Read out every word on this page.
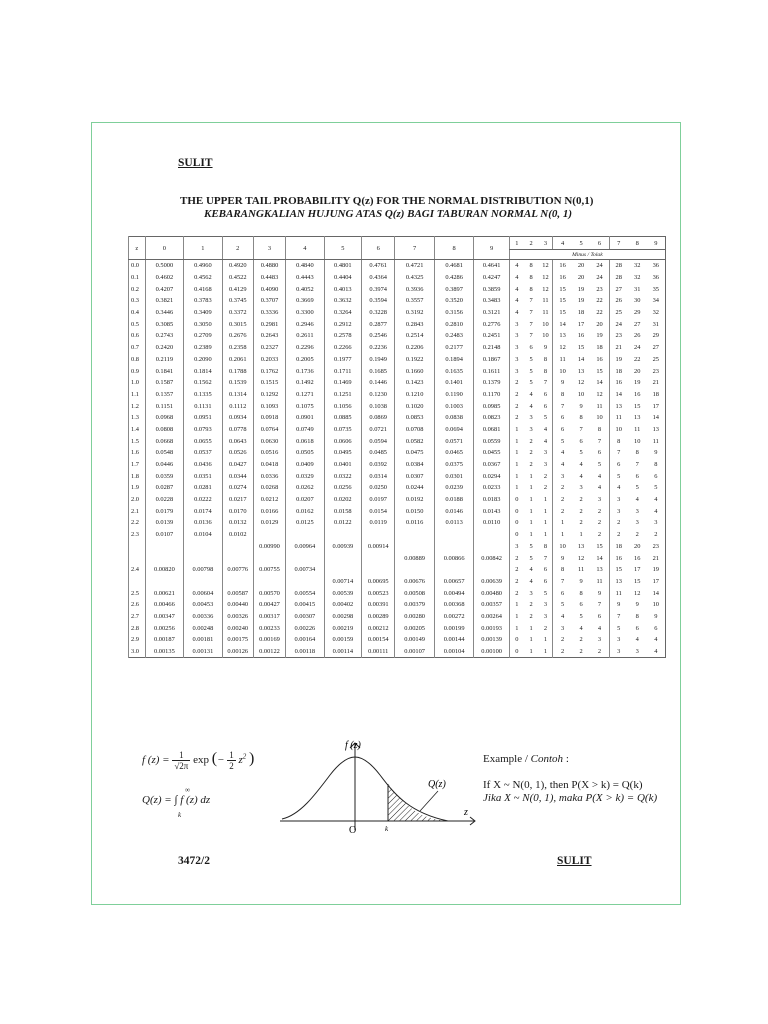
SULIT
THE UPPER TAIL PROBABILITY Q(z) FOR THE NORMAL DISTRIBUTION N(0,1)
KEBARANGKALIAN HUJUNG ATAS Q(z) BAGI TABURAN NORMAL N(0, 1)
z	0	1	2	3	4	5	6	7	8	9	1	2	3	4	5	6	7	8	9
											Minus / Tolak								
0.0	0.5000	0.4960	0.4920	0.4880	0.4840	0.4801	0.4761	0.4721	0.4681	0.4641	4	8	12	16	20	24	28	32	36
0.1	0.4602	0.4562	0.4522	0.4483	0.4443	0.4404	0.4364	0.4325	0.4286	0.4247	4	8	12	16	20	24	28	32	36
0.2	0.4207	0.4168	0.4129	0.4090	0.4052	0.4013	0.3974	0.3936	0.3897	0.3859	4	8	12	15	19	23	27	31	35
0.3	0.3821	0.3783	0.3745	0.3707	0.3669	0.3632	0.3594	0.3557	0.3520	0.3483	4	7	11	15	19	22	26	30	34
0.4	0.3446	0.3409	0.3372	0.3336	0.3300	0.3264	0.3228	0.3192	0.3156	0.3121	4	7	11	15	18	22	25	29	32
0.5	0.3085	0.3050	0.3015	0.2981	0.2946	0.2912	0.2877	0.2843	0.2810	0.2776	3	7	10	14	17	20	24	27	31
0.6	0.2743	0.2709	0.2676	0.2643	0.2611	0.2578	0.2546	0.2514	0.2483	0.2451	3	7	10	13	16	19	23	26	29
0.7	0.2420	0.2389	0.2358	0.2327	0.2296	0.2266	0.2236	0.2206	0.2177	0.2148	3	6	9	12	15	18	21	24	27
0.8	0.2119	0.2090	0.2061	0.2033	0.2005	0.1977	0.1949	0.1922	0.1894	0.1867	3	5	8	11	14	16	19	22	25
0.9	0.1841	0.1814	0.1788	0.1762	0.1736	0.1711	0.1685	0.1660	0.1635	0.1611	3	5	8	10	13	15	18	20	23
1.0	0.1587	0.1562	0.1539	0.1515	0.1492	0.1469	0.1446	0.1423	0.1401	0.1379	2	5	7	9	12	14	16	19	21
1.1	0.1357	0.1335	0.1314	0.1292	0.1271	0.1251	0.1230	0.1210	0.1190	0.1170	2	4	6	8	10	12	14	16	18
1.2	0.1151	0.1131	0.1112	0.1093	0.1075	0.1056	0.1038	0.1020	0.1003	0.0985	2	4	6	7	9	11	13	15	17
1.3	0.0968	0.0951	0.0934	0.0918	0.0901	0.0885	0.0869	0.0853	0.0838	0.0823	2	3	5	6	8	10	11	13	14
1.4	0.0808	0.0793	0.0778	0.0764	0.0749	0.0735	0.0721	0.0708	0.0694	0.0681	1	3	4	6	7	8	10	11	13
1.5	0.0668	0.0655	0.0643	0.0630	0.0618	0.0606	0.0594	0.0582	0.0571	0.0559	1	2	4	5	6	7	8	10	11
1.6	0.0548	0.0537	0.0526	0.0516	0.0505	0.0495	0.0485	0.0475	0.0465	0.0455	1	2	3	4	5	6	7	8	9
1.7	0.0446	0.0436	0.0427	0.0418	0.0409	0.0401	0.0392	0.0384	0.0375	0.0367	1	2	3	4	4	5	6	7	8
1.8	0.0359	0.0351	0.0344	0.0336	0.0329	0.0322	0.0314	0.0307	0.0301	0.0294	1	1	2	3	4	4	5	6	6
1.9	0.0287	0.0281	0.0274	0.0268	0.0262	0.0256	0.0250	0.0244	0.0239	0.0233	1	1	2	2	3	4	4	5	5
2.0	0.0228	0.0222	0.0217	0.0212	0.0207	0.0202	0.0197	0.0192	0.0188	0.0183	0	1	1	2	2	3	3	4	4
2.1	0.0179	0.0174	0.0170	0.0166	0.0162	0.0158	0.0154	0.0150	0.0146	0.0143	0	1	1	2	2	2	3	3	4
2.2	0.0139	0.0136	0.0132	0.0129	0.0125	0.0122	0.0119	0.0116	0.0113	0.0110	0	1	1	1	2	2	2	3	3
2.3	0.0107	0.0104	0.0102								0	1	1	1	1	2	2	2	2
				0.00990	0.00964	0.00939	0.00914				3	5	8	10	13	15	18	20	23
								0.00889	0.00866	0.00842	2	5	7	9	12	14	16	16	21
2.4	0.00820	0.00798	0.00776	0.00755	0.00734						2	4	6	8	11	13	15	17	19
						0.00714	0.00695	0.00676	0.00657	0.00639	2	4	6	7	9	11	13	15	17
2.5	0.00621	0.00604	0.00587	0.00570	0.00554	0.00539	0.00523	0.00508	0.00494	0.00480	2	3	5	6	8	9	11	12	14
2.6	0.00466	0.00453	0.00440	0.00427	0.00415	0.00402	0.00391	0.00379	0.00368	0.00357	1	2	3	5	6	7	9	9	10
2.7	0.00347	0.00336	0.00326	0.00317	0.00307	0.00298	0.00289	0.00280	0.00272	0.00264	1	2	3	4	5	6	7	8	9
2.8	0.00256	0.00248	0.00240	0.00233	0.00226	0.00219	0.00212	0.00205	0.00199	0.00193	1	1	2	3	4	4	5	6	6
2.9	0.00187	0.00181	0.00175	0.00169	0.00164	0.00159	0.00154	0.00149	0.00144	0.00139	0	1	1	2	2	3	3	4	4
3.0	0.00135	0.00131	0.00126	0.00122	0.00118	0.00114	0.00111	0.00107	0.00104	0.00100	0	1	1	2	2	2	3	3	4
f $(z) = \frac{1}{√2\pi}$ exp (− $\frac{1}{2} z^2$ )
Q(z) = ∫ f (z) dz
∞
k
f (z)
Q(z)
O
z
k
Example / Contoh :
If X ~ N(0, 1), then P(X > k) = Q(k)
Jika X ~ N(0, 1), maka P(X > k) = Q(k)
3472/2	SULIT
